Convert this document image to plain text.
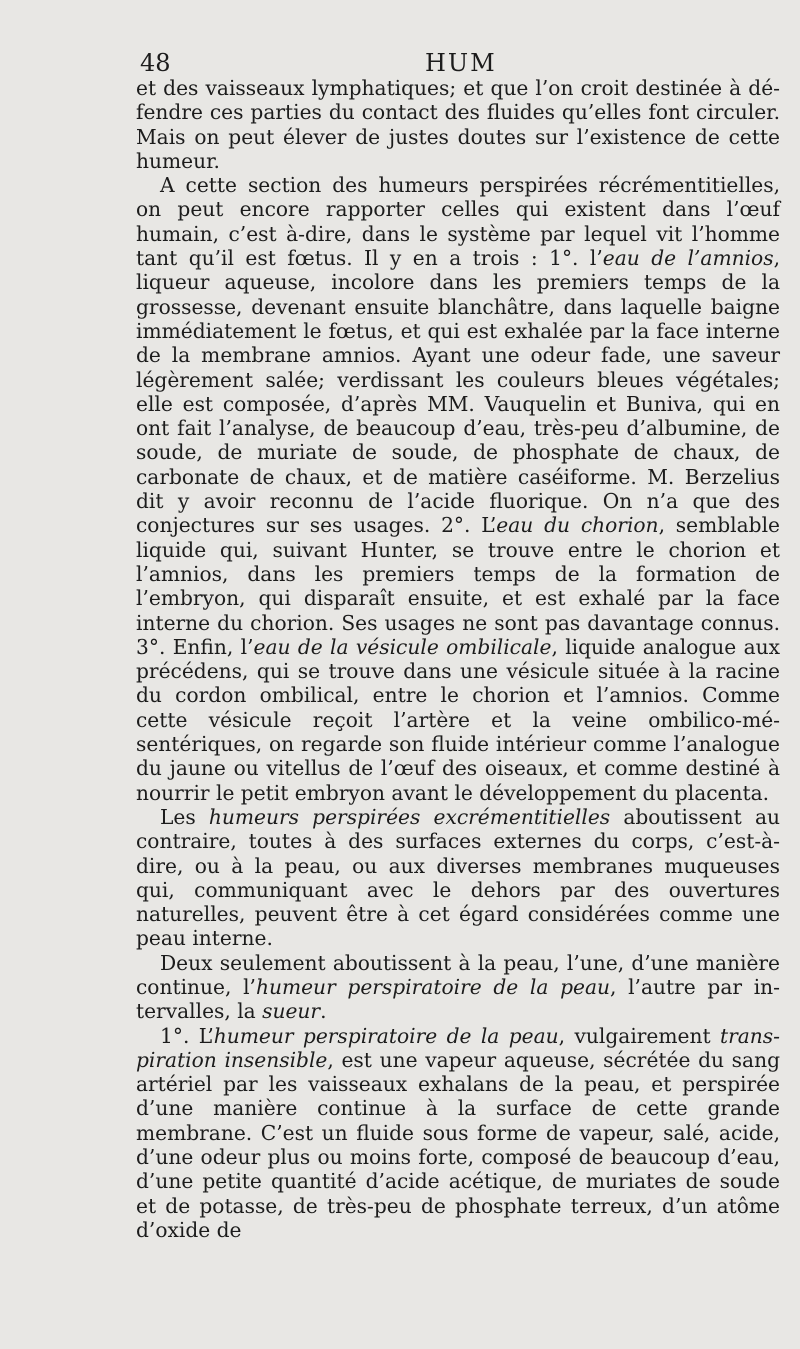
48	HUM

et des vaisseaux lymphatiques; et que l’on croit destinée à défendre ces parties du contact des fluides qu’elles font circuler. Mais on peut élever de justes doutes sur l’existence de cette humeur.

A cette section des humeurs perspirées récrémentitielles, on peut encore rapporter celles qui existent dans l’œuf humain, c’est à-dire, dans le système par lequel vit l’homme tant qu’il est fœtus. Il y en a trois : 1°. l’eau de l’amnios, liqueur aqueuse, incolore dans les premiers temps de la grossesse, devenant ensuite blanchâtre, dans laquelle baigne immédiatement le fœtus, et qui est exhalée par la face interne de la membrane amnios. Ayant une odeur fade, une saveur légèrement salée; verdissant les couleurs bleues végétales; elle est composée, d’après MM. Vauquelin et Buniva, qui en ont fait l’analyse, de beaucoup d’eau, très-peu d’albumine, de soude, de muriate de soude, de phosphate de chaux, de carbonate de chaux, et de matière caséiforme. M. Berzelius dit y avoir reconnu de l’acide fluorique. On n’a que des conjectures sur ses usages. 2°. L’eau du chorion, semblable liquide qui, suivant Hunter, se trouve entre le chorion et l’amnios, dans les premiers temps de la formation de l’embryon, qui disparaît ensuite, et est exhalé par la face interne du chorion. Ses usages ne sont pas davantage connus. 3°. Enfin, l’eau de la vésicule ombilicale, liquide analogue aux précédens, qui se trouve dans une vésicule située à la racine du cordon ombilical, entre le chorion et l’amnios. Comme cette vésicule reçoit l’artère et la veine ombilico-mésentériques, on regarde son fluide intérieur comme l’analogue du jaune ou vitellus de l’œuf des oiseaux, et comme destiné à nourrir le petit embryon avant le développement du placenta.

Les humeurs perspirées excrémentitielles aboutissent au contraire, toutes à des surfaces externes du corps, c’est-à-dire, ou à la peau, ou aux diverses membranes muqueuses qui, communiquant avec le dehors par des ouvertures naturelles, peuvent être à cet égard considérées comme une peau interne.

Deux seulement aboutissent à la peau, l’une, d’une manière continue, l’humeur perspiratoire de la peau, l’autre par intervalles, la sueur.

1°. L’humeur perspiratoire de la peau, vulgairement transpiration insensible, est une vapeur aqueuse, sécrétée du sang artériel par les vaisseaux exhalans de la peau, et perspirée d’une manière continue à la surface de cette grande membrane. C’est un fluide sous forme de vapeur, salé, acide, d’une odeur plus ou moins forte, composé de beaucoup d’eau, d’une petite quantité d’acide acétique, de muriates de soude et de potasse, de très-peu de phosphate terreux, d’un atôme d’oxide de
